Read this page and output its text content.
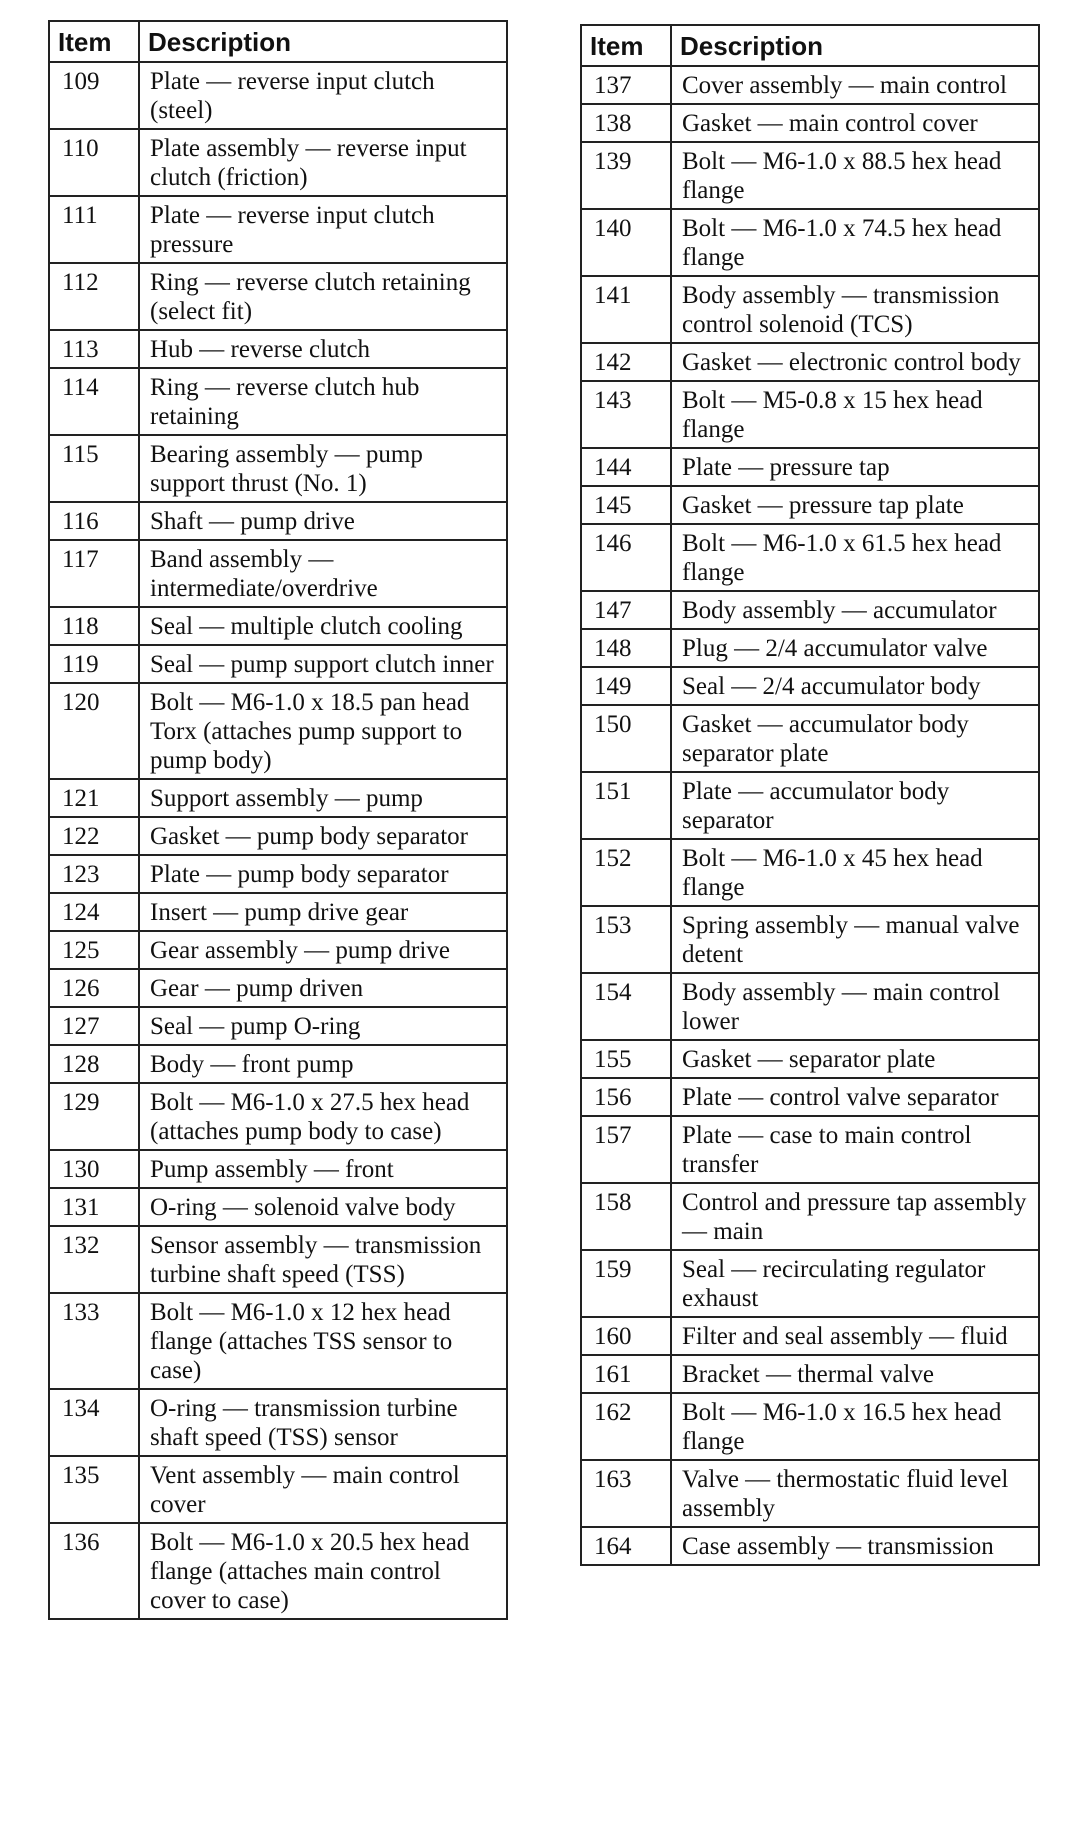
Item	Description
109	Plate — reverse input clutch (steel)
110	Plate assembly — reverse input clutch (friction)
111	Plate — reverse input clutch pressure
112	Ring — reverse clutch retaining (select fit)
113	Hub — reverse clutch
114	Ring — reverse clutch hub retaining
115	Bearing assembly — pump support thrust (No. 1)
116	Shaft — pump drive
117	Band assembly — intermediate/overdrive
118	Seal — multiple clutch cooling
119	Seal — pump support clutch inner
120	Bolt — M6-1.0 x 18.5 pan head Torx (attaches pump support to pump body)
121	Support assembly — pump
122	Gasket — pump body separator
123	Plate — pump body separator
124	Insert — pump drive gear
125	Gear assembly — pump drive
126	Gear — pump driven
127	Seal — pump O-ring
128	Body — front pump
129	Bolt — M6-1.0 x 27.5 hex head (attaches pump body to case)
130	Pump assembly — front
131	O-ring — solenoid valve body
132	Sensor assembly — transmission turbine shaft speed (TSS)
133	Bolt — M6-1.0 x 12 hex head flange (attaches TSS sensor to case)
134	O-ring — transmission turbine shaft speed (TSS) sensor
135	Vent assembly — main control cover
136	Bolt — M6-1.0 x 20.5 hex head flange (attaches main control cover to case)
Item	Description
137	Cover assembly — main control
138	Gasket — main control cover
139	Bolt — M6-1.0 x 88.5 hex head flange
140	Bolt — M6-1.0 x 74.5 hex head flange
141	Body assembly — transmission control solenoid (TCS)
142	Gasket — electronic control body
143	Bolt — M5-0.8 x 15 hex head flange
144	Plate — pressure tap
145	Gasket — pressure tap plate
146	Bolt — M6-1.0 x 61.5 hex head flange
147	Body assembly — accumulator
148	Plug — 2/4 accumulator valve
149	Seal — 2/4 accumulator body
150	Gasket — accumulator body separator plate
151	Plate — accumulator body separator
152	Bolt — M6-1.0 x 45 hex head flange
153	Spring assembly — manual valve detent
154	Body assembly — main control lower
155	Gasket — separator plate
156	Plate — control valve separator
157	Plate — case to main control transfer
158	Control and pressure tap assembly — main
159	Seal — recirculating regulator exhaust
160	Filter and seal assembly — fluid
161	Bracket — thermal valve
162	Bolt — M6-1.0 x 16.5 hex head flange
163	Valve — thermostatic fluid level assembly
164	Case assembly — transmission
